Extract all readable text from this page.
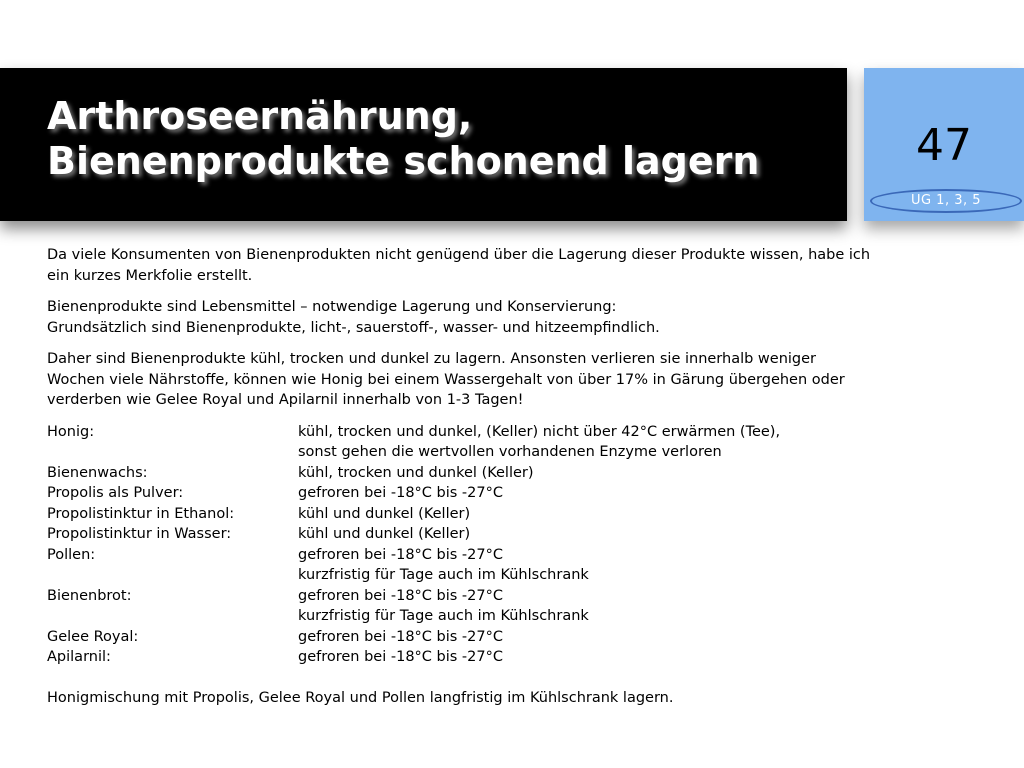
Arthroseernährung,
Bienenprodukte schonend lagern	47
UG 1, 3, 5

Da viele Konsumenten von Bienenprodukten nicht genügend über die Lagerung dieser Produkte wissen, habe ich
ein kurzes Merkfolie erstellt.

Bienenprodukte sind Lebensmittel – notwendige Lagerung und Konservierung:
Grundsätzlich sind Bienenprodukte, licht-, sauerstoff-, wasser- und hitzeempfindlich.

Daher sind Bienenprodukte kühl, trocken und dunkel zu lagern. Ansonsten verlieren sie innerhalb weniger
Wochen viele Nährstoffe, können wie Honig bei einem Wassergehalt von über 17% in Gärung übergehen oder
verderben wie Gelee Royal und Apilarnil innerhalb von 1-3 Tagen!

Honig:	kühl, trocken und dunkel, (Keller) nicht über 42°C erwärmen (Tee),
sonst gehen die wertvollen vorhandenen Enzyme verloren
Bienenwachs:	kühl, trocken und dunkel (Keller)
Propolis als Pulver:	gefroren bei -18°C bis -27°C
Propolistinktur in Ethanol:	kühl und dunkel (Keller)
Propolistinktur in Wasser:	kühl und dunkel (Keller)
Pollen:	gefroren bei -18°C bis -27°C
kurzfristig für Tage auch im Kühlschrank
Bienenbrot:	gefroren bei -18°C bis -27°C
kurzfristig für Tage auch im Kühlschrank
Gelee Royal:	gefroren bei -18°C bis -27°C
Apilarnil:	gefroren bei -18°C bis -27°C

Honigmischung mit Propolis, Gelee Royal und Pollen langfristig im Kühlschrank lagern.
